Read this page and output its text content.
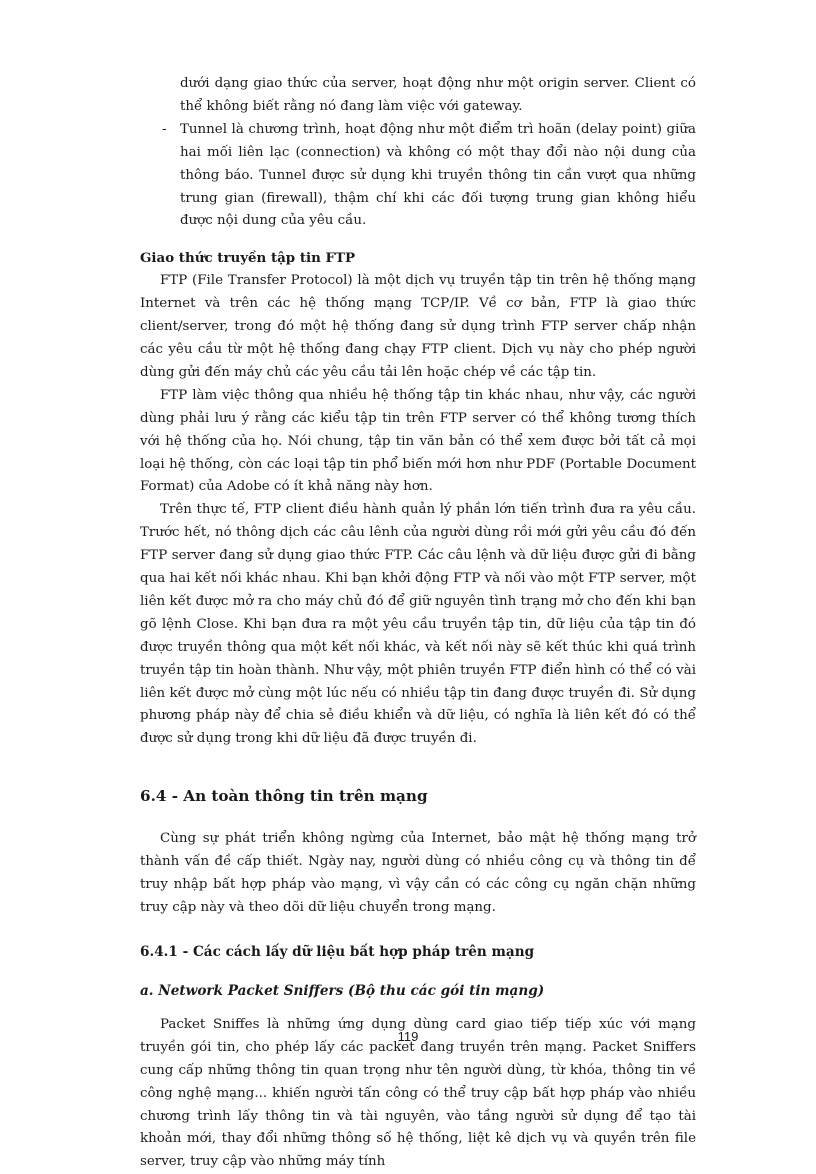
dưới dạng giao thức của server, hoạt động như một origin server. Client có thể không biết rằng nó đang làm việc với gateway.

- Tunnel là chương trình, hoạt động như một điểm trì hoãn (delay point) giữa hai mối liên lạc (connection) và không có một thay đổi nào nội dung của thông báo. Tunnel được sử dụng khi truyền thông tin cần vượt qua những trung gian (firewall), thậm chí khi các đối tượng trung gian không hiểu được nội dung của yêu cầu.

Giao thức truyền tập tin FTP

FTP (File Transfer Protocol) là một dịch vụ truyền tập tin trên hệ thống mạng Internet và trên các hệ thống mạng TCP/IP. Về cơ bản, FTP là giao thức client/server, trong đó một hệ thống đang sử dụng trình FTP server chấp nhận các yêu cầu từ một hệ thống đang chạy FTP client. Dịch vụ này cho phép người dùng gửi đến máy chủ các yêu cầu tải lên hoặc chép về các tập tin.

FTP làm việc thông qua nhiều hệ thống tập tin khác nhau, như vậy, các người dùng phải lưu ý rằng các kiểu tập tin trên FTP server có thể không tương thích với hệ thống của họ. Nói chung, tập tin văn bản có thể xem được bởi tất cả mọi loại hệ thống, còn các loại tập tin phổ biến mới hơn như PDF (Portable Document Format) của Adobe có ít khả năng này hơn.

Trên thực tế, FTP client điều hành quản lý phần lớn tiến trình đưa ra yêu cầu. Trước hết, nó thông dịch các câu lênh của người dùng rồi mới gửi yêu cầu đó đến FTP server đang sử dụng giao thức FTP. Các câu lệnh và dữ liệu được gửi đi bằng qua hai kết nối khác nhau. Khi bạn khởi động FTP và nối vào một FTP server, một liên kết được mở ra cho máy chủ đó để giữ nguyên tình trạng mở cho đến khi bạn gõ lệnh Close. Khi bạn đưa ra một yêu cầu truyền tập tin, dữ liệu của tập tin đó được truyền thông qua một kết nối khác, và kết nối này sẽ kết thúc khi quá trình truyền tập tin hoàn thành. Như vậy, một phiên truyền FTP điển hình có thể có vài liên kết được mở cùng một lúc nếu có nhiều tập tin đang được truyền đi. Sử dụng phương pháp này để chia sẻ điều khiển và dữ liệu, có nghĩa là liên kết đó có thể được sử dụng trong khi dữ liệu đã được truyền đi.

6.4 - An toàn thông tin trên mạng

Cùng sự phát triển không ngừng của Internet, bảo mật hệ thống mạng trở thành vấn đề cấp thiết. Ngày nay, người dùng có nhiều công cụ và thông tin để truy nhập bất hợp pháp vào mạng, vì vậy cần có các công cụ ngăn chặn những truy cập này và theo dõi dữ liệu chuyển trong mạng.

6.4.1 - Các cách lấy dữ liệu bất hợp pháp trên mạng
a. Network Packet Sniffers (Bộ thu các gói tin mạng)

Packet Sniffes là những ứng dụng dùng card giao tiếp tiếp xúc với mạng truyền gói tin, cho phép lấy các packet đang truyền trên mạng. Packet Sniffers cung cấp những thông tin quan trọng như tên người dùng, từ khóa, thông tin về công nghệ mạng... khiến người tấn công có thể truy cập bất hợp pháp vào nhiều chương trình lấy thông tin và tài nguyên, vào tầng người sử dụng để tạo tài khoản mới, thay đổi những thông số hệ thống, liệt kê dịch vụ và quyền trên file server, truy cập vào những máy tính

119
